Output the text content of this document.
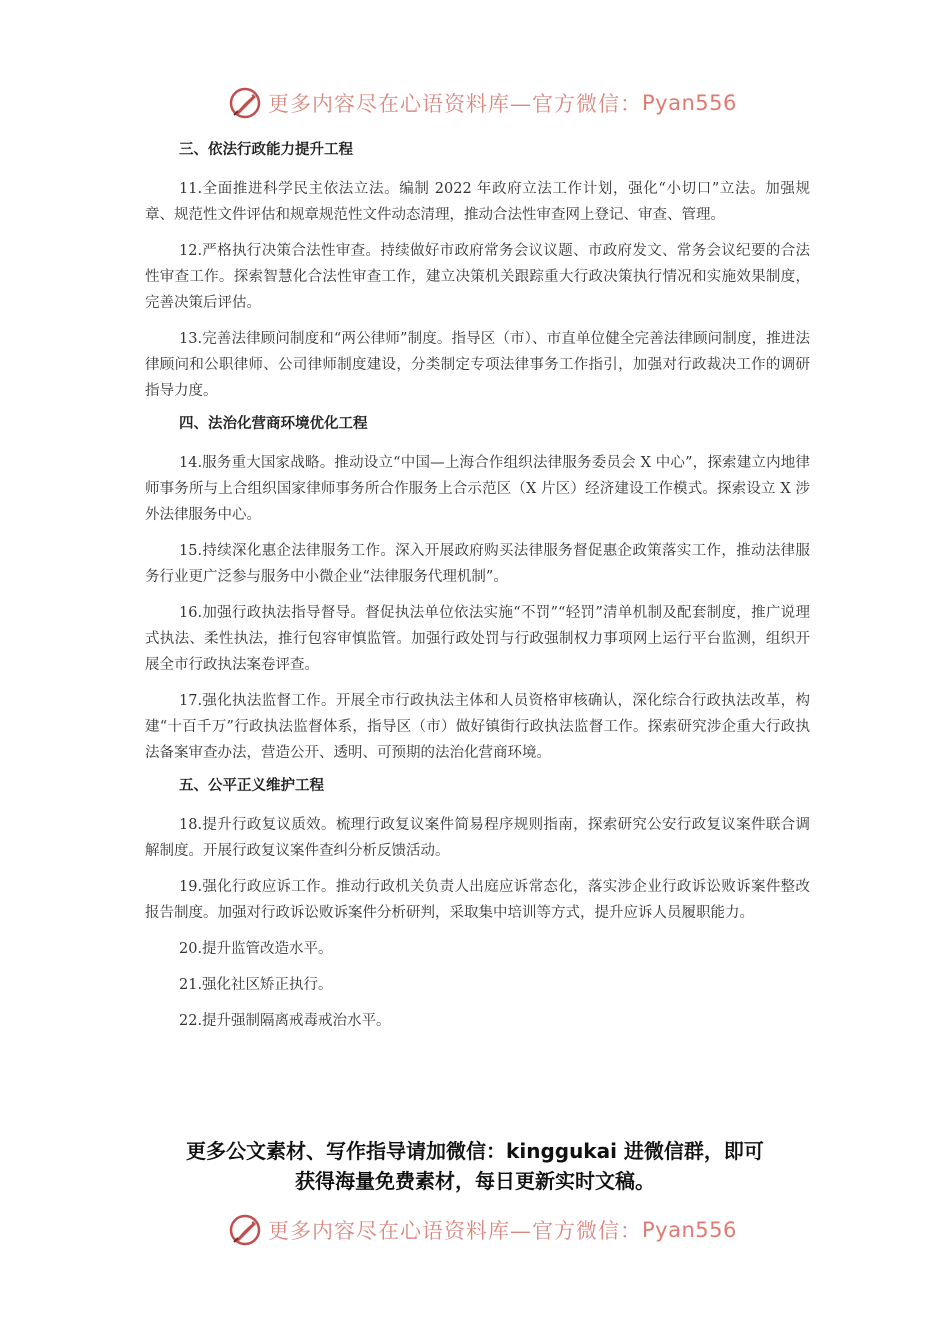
更多内容尽在心语资料库—官方微信： Pyan556
三、依法行政能力提升工程

11.全面推进科学民主依法立法。编制 2022 年政府立法工作计划，强化“小切口”立法。加强规章、规范性文件评估和规章规范性文件动态清理，推动合法性审查网上登记、审查、管理。

12.严格执行决策合法性审查。持续做好市政府常务会议议题、市政府发文、常务会议纪要的合法性审查工作。探索智慧化合法性审查工作，建立决策机关跟踪重大行政决策执行情况和实施效果制度，完善决策后评估。

13.完善法律顾问制度和“两公律师”制度。指导区（市）、市直单位健全完善法律顾问制度，推进法律顾问和公职律师、公司律师制度建设，分类制定专项法律事务工作指引，加强对行政裁决工作的调研指导力度。

四、法治化营商环境优化工程

14.服务重大国家战略。推动设立“中国—上海合作组织法律服务委员会 X 中心”，探索建立内地律师事务所与上合组织国家律师事务所合作服务上合示范区（X 片区）经济建设工作模式。探索设立 X 涉外法律服务中心。

15.持续深化惠企法律服务工作。深入开展政府购买法律服务督促惠企政策落实工作，推动法律服务行业更广泛参与服务中小微企业“法律服务代理机制”。

16.加强行政执法指导督导。督促执法单位依法实施“不罚”“轻罚”清单机制及配套制度，推广说理式执法、柔性执法，推行包容审慎监管。加强行政处罚与行政强制权力事项网上运行平台监测，组织开展全市行政执法案卷评查。

17.强化执法监督工作。开展全市行政执法主体和人员资格审核确认，深化综合行政执法改革，构建“十百千万”行政执法监督体系，指导区（市）做好镇街行政执法监督工作。探索研究涉企重大行政执法备案审查办法，营造公开、透明、可预期的法治化营商环境。

五、公平正义维护工程

18.提升行政复议质效。梳理行政复议案件简易程序规则指南，探索研究公安行政复议案件联合调解制度。开展行政复议案件查纠分析反馈活动。

19.强化行政应诉工作。推动行政机关负责人出庭应诉常态化，落实涉企业行政诉讼败诉案件整改报告制度。加强对行政诉讼败诉案件分析研判，采取集中培训等方式，提升应诉人员履职能力。

20.提升监管改造水平。

21.强化社区矫正执行。

22.提升强制隔离戒毒戒治水平。

更多公文素材、写作指导请加微信：kinggukai 进微信群，即可
获得海量免费素材，每日更新实时文稿。
更多内容尽在心语资料库—官方微信： Pyan556
